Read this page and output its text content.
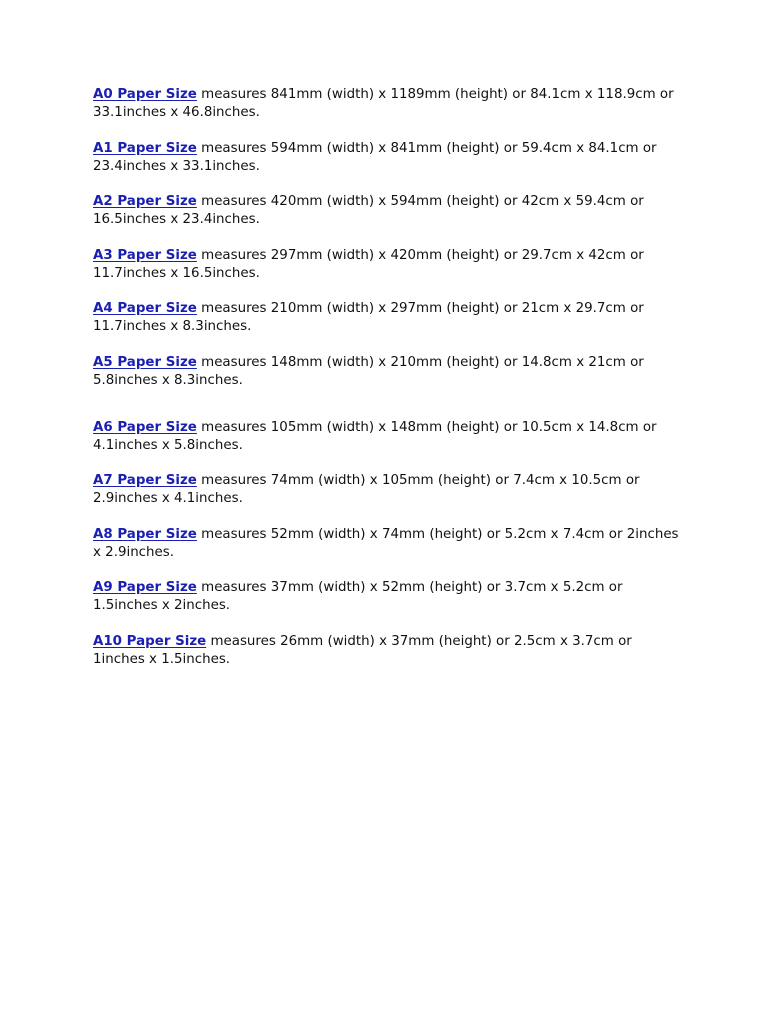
A0 Paper Size measures 841mm (width) x 1189mm (height) or 84.1cm x 118.9cm or 33.1inches x 46.8inches.

A1 Paper Size measures 594mm (width) x 841mm (height) or 59.4cm x 84.1cm or 23.4inches x 33.1inches.

A2 Paper Size measures 420mm (width) x 594mm (height) or 42cm x 59.4cm or 16.5inches x 23.4inches.

A3 Paper Size measures 297mm (width) x 420mm (height) or 29.7cm x 42cm or 11.7inches x 16.5inches.

A4 Paper Size measures 210mm (width) x 297mm (height) or 21cm x 29.7cm or 11.7inches x 8.3inches.

A5 Paper Size measures 148mm (width) x 210mm (height) or 14.8cm x 21cm or 5.8inches x 8.3inches.

A6 Paper Size measures 105mm (width) x 148mm (height) or 10.5cm x 14.8cm or 4.1inches x 5.8inches.

A7 Paper Size measures 74mm (width) x 105mm (height) or 7.4cm x 10.5cm or 2.9inches x 4.1inches.

A8 Paper Size measures 52mm (width) x 74mm (height) or 5.2cm x 7.4cm or 2inches x 2.9inches.

A9 Paper Size measures 37mm (width) x 52mm (height) or 3.7cm x 5.2cm or 1.5inches x 2inches.

A10 Paper Size measures 26mm (width) x 37mm (height) or 2.5cm x 3.7cm or 1inches x 1.5inches.
